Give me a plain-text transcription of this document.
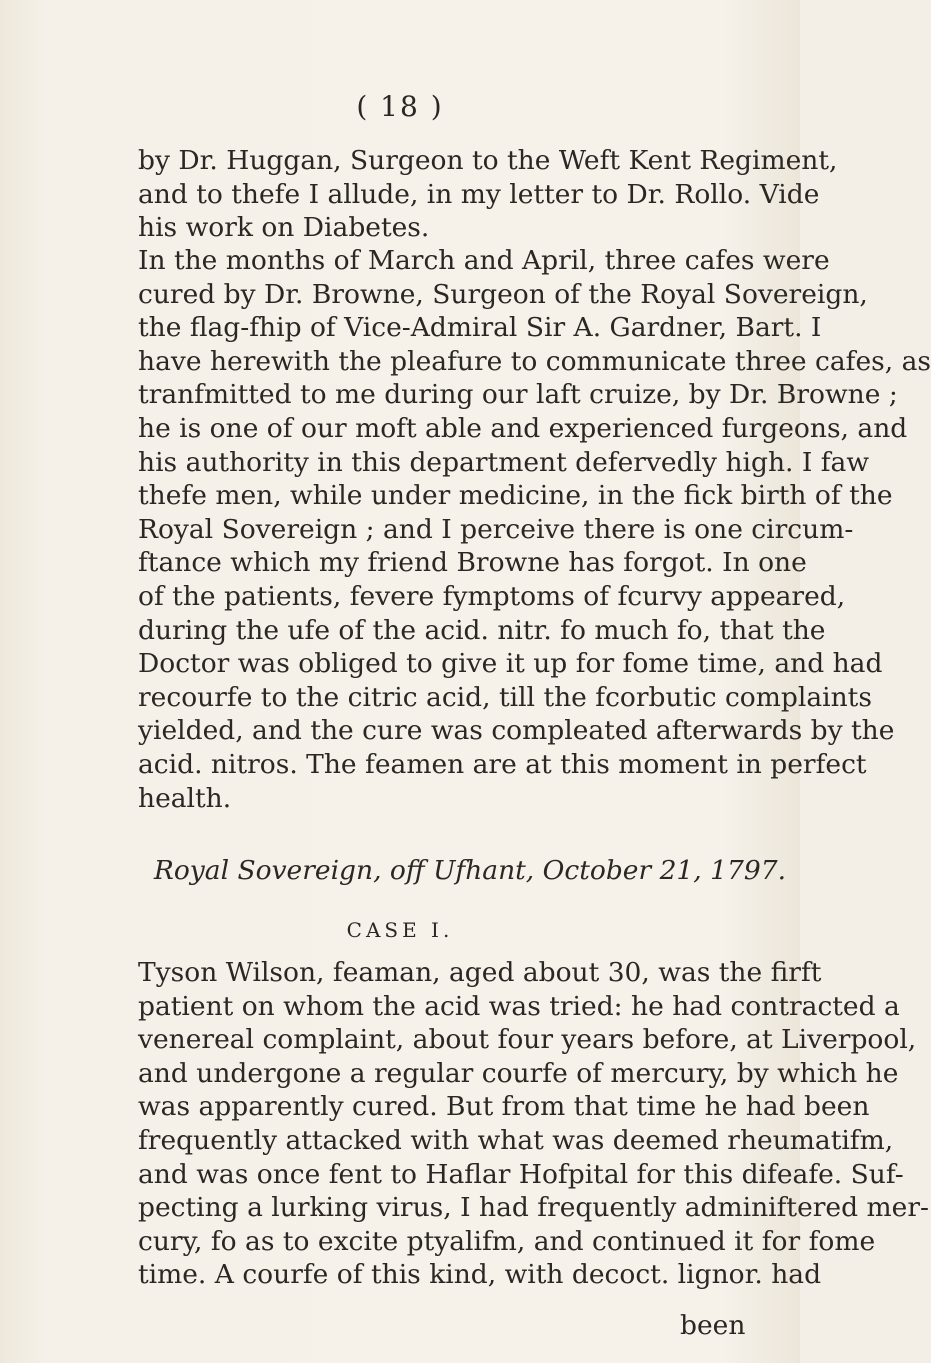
( 18 )
by Dr. Huggan, Surgeon to the Weft Kent Regiment,
and to thefe I allude, in my letter to Dr. Rollo. Vide
his work on Diabetes.
In the months of March and April, three cafes were
cured by Dr. Browne, Surgeon of the Royal Sovereign,
the flag-fhip of Vice-Admiral Sir A. Gardner, Bart. I
have herewith the pleafure to communicate three cafes, as
tranfmitted to me during our laft cruize, by Dr. Browne ;
he is one of our moft able and experienced furgeons, and
his authority in this department defervedly high. I faw
thefe men, while under medicine, in the fick birth of the
Royal Sovereign ; and I perceive there is one circum-
ftance which my friend Browne has forgot. In one
of the patients, fevere fymptoms of fcurvy appeared,
during the ufe of the acid. nitr. fo much fo, that the
Doctor was obliged to give it up for fome time, and had
recourfe to the citric acid, till the fcorbutic complaints
yielded, and the cure was compleated afterwards by the
acid. nitros. The feamen are at this moment in perfect
health.
Royal Sovereign, off Ufhant, October 21, 1797.
CASE I.
Tyson Wilson, feaman, aged about 30, was the firft
patient on whom the acid was tried: he had contracted a
venereal complaint, about four years before, at Liverpool,
and undergone a regular courfe of mercury, by which he
was apparently cured. But from that time he had been
frequently attacked with what was deemed rheumatifm,
and was once fent to Haflar Hofpital for this difeafe. Suf-
pecting a lurking virus, I had frequently adminiftered mer-
cury, fo as to excite ptyalifm, and continued it for fome
time. A courfe of this kind, with decoct. lignor. had
been
